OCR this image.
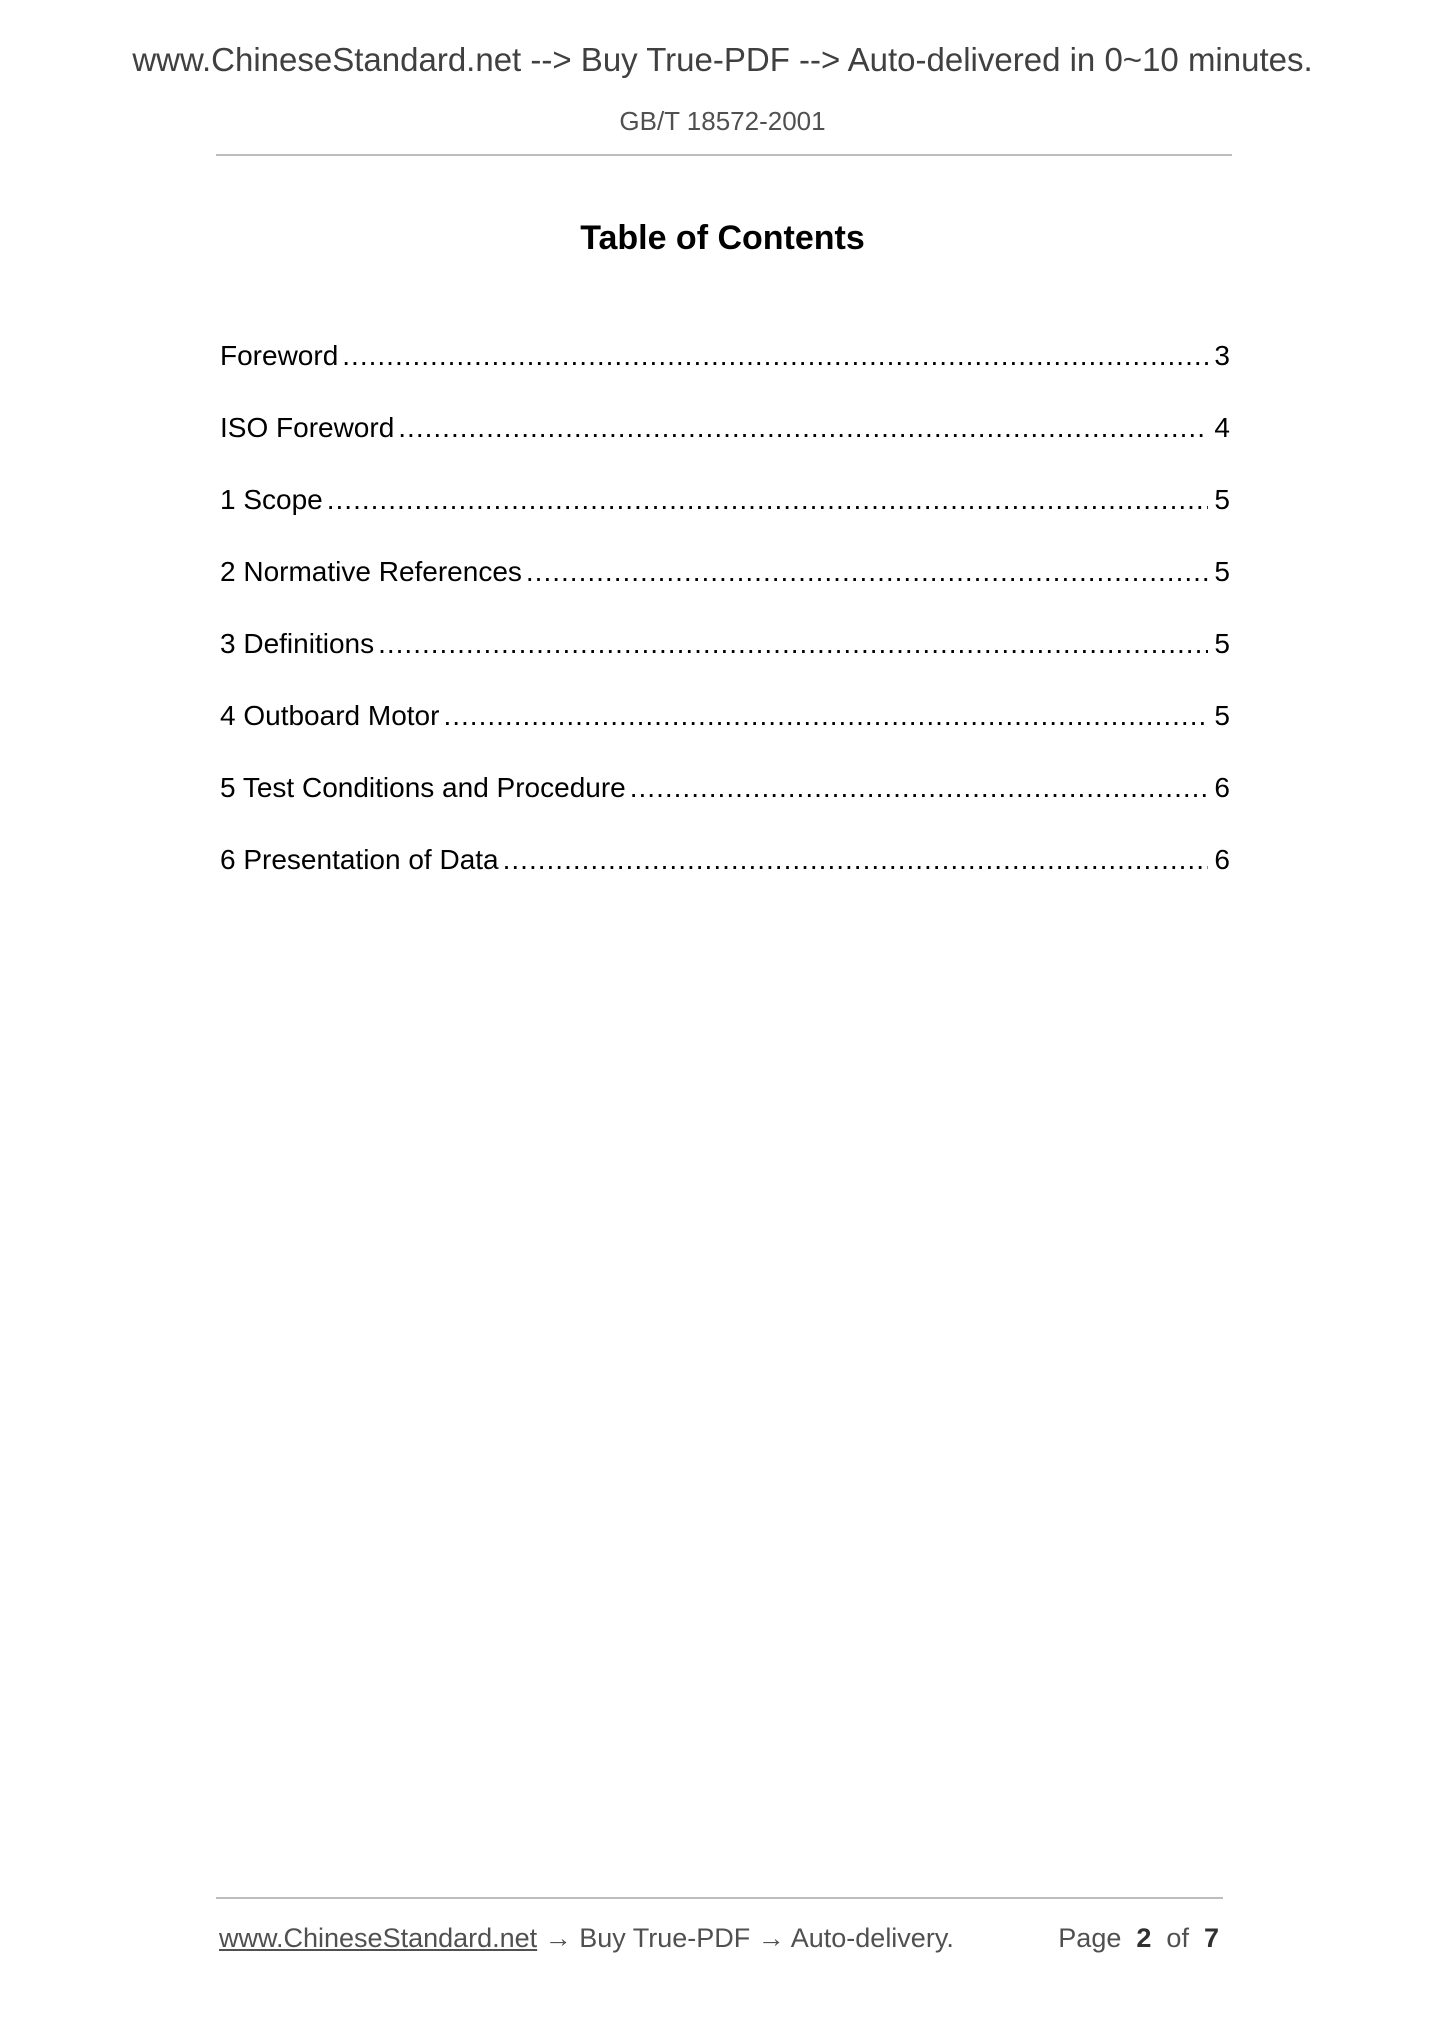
www.ChineseStandard.net --> Buy True-PDF --> Auto-delivered in 0~10 minutes.
GB/T 18572-2001
Table of Contents
Foreword .....	3
ISO Foreword .....	4
1 Scope .....	5
2 Normative References .....	5
3 Definitions .....	5
4 Outboard Motor .....	5
5 Test Conditions and Procedure .....	6
6 Presentation of Data .....	6
www.ChineseStandard.net → Buy True-PDF → Auto-delivery.	Page 2 of 7
